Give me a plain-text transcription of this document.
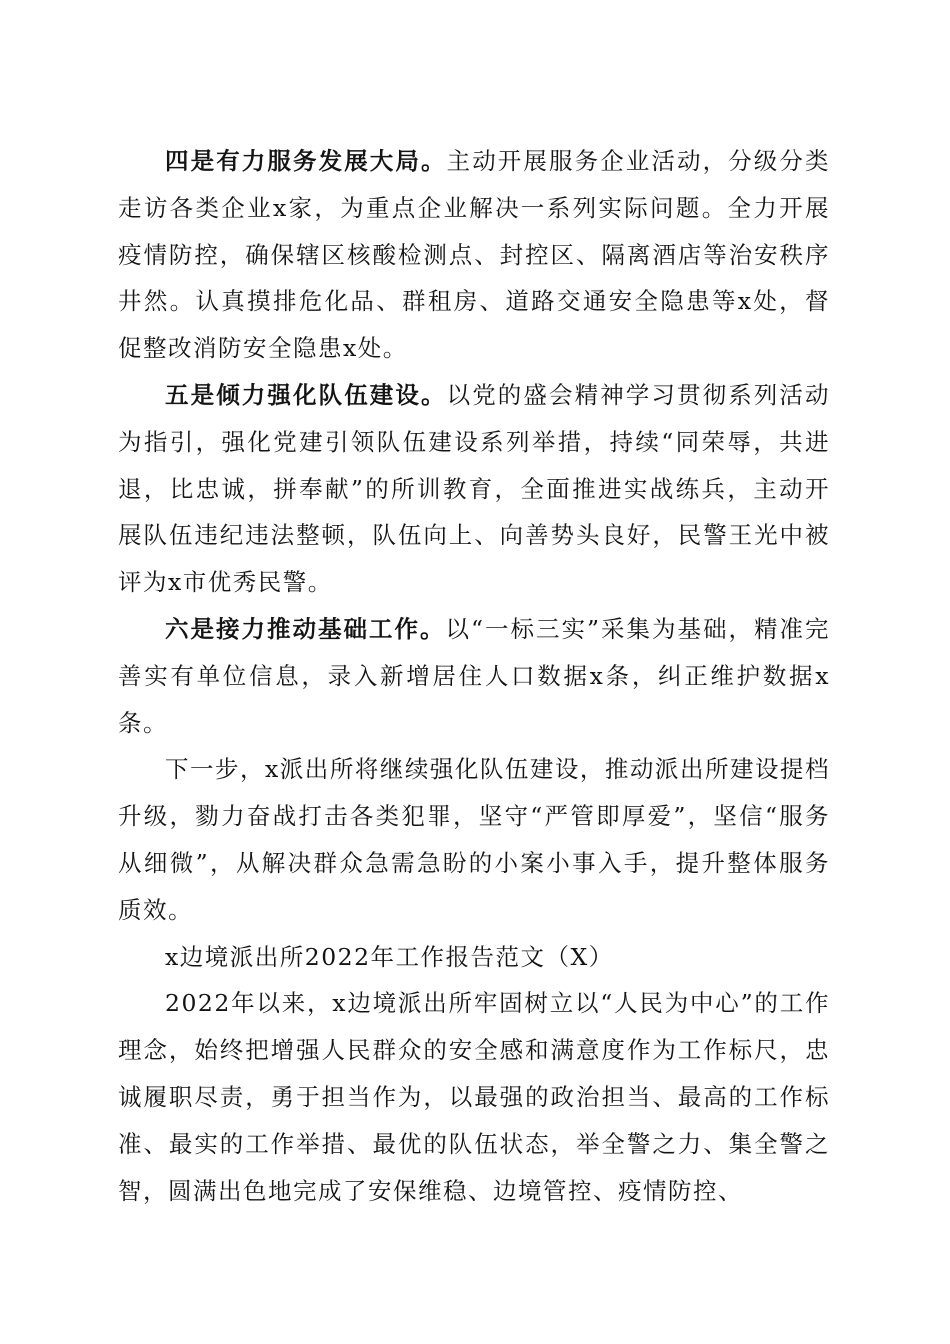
四是有力服务发展大局。主动开展服务企业活动，分级分类走访各类企业x家，为重点企业解决一系列实际问题。全力开展疫情防控，确保辖区核酸检测点、封控区、隔离酒店等治安秩序井然。认真摸排危化品、群租房、道路交通安全隐患等x处，督促整改消防安全隐患x处。

五是倾力强化队伍建设。以党的盛会精神学习贯彻系列活动为指引，强化党建引领队伍建设系列举措，持续“同荣辱，共进退，比忠诚，拼奉献”的所训教育，全面推进实战练兵，主动开展队伍违纪违法整顿，队伍向上、向善势头良好，民警王光中被评为x市优秀民警。

六是接力推动基础工作。以“一标三实”采集为基础，精准完善实有单位信息，录入新增居住人口数据x条，纠正维护数据x条。

下一步，x派出所将继续强化队伍建设，推动派出所建设提档升级，勠力奋战打击各类犯罪，坚守“严管即厚爱”，坚信“服务从细微”，从解决群众急需急盼的小案小事入手，提升整体服务质效。

x边境派出所2022年工作报告范文（X）

2022年以来，x边境派出所牢固树立以“人民为中心”的工作理念，始终把增强人民群众的安全感和满意度作为工作标尺，忠诚履职尽责，勇于担当作为，以最强的政治担当、最高的工作标准、最实的工作举措、最优的队伍状态，举全警之力、集全警之智，圆满出色地完成了安保维稳、边境管控、疫情防控、
